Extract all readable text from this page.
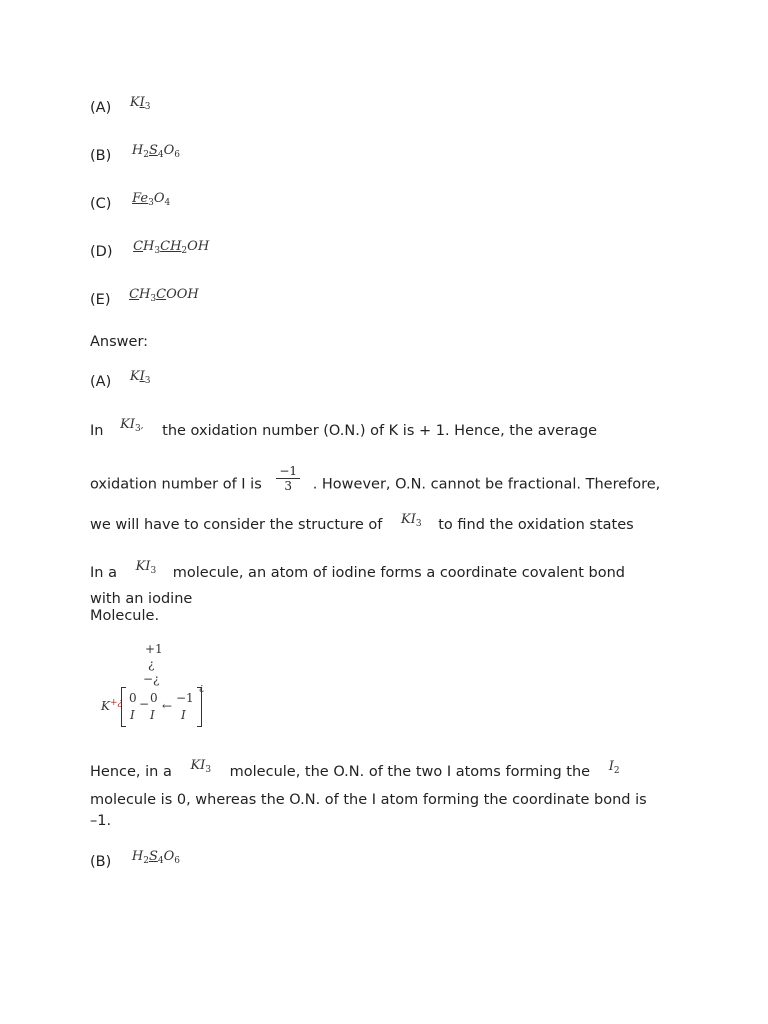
(A) $KI_3$
(B) $H_2S_4O_6$
(C) $Fe_3O_4$
(D) $CH_3CH_2OH$
(E) $CH_3COOH$
Answer:
(A) $KI_3$
In $KI_3$, the oxidation number (O.N.) of K is + 1. Hence, the average
oxidation number of I is $\frac{-1}{3}$ . However, O.N. cannot be fractional. Therefore,
we will have to consider the structure of $KI_3$ to find the oxidation states
In a $KI_3$ molecule, an atom of iodine forms a coordinate covalent bond
with an iodine
Molecule.
+1
¿
−¿
K+¿
¿
0 − 0
←
−1
I I I
Hence, in a $KI_3$ molecule, the O.N. of the two I atoms forming the $I_2$
molecule is 0, whereas the O.N. of the I atom forming the coordinate bond is
–1.
(B) $H_2S_4O_6$
